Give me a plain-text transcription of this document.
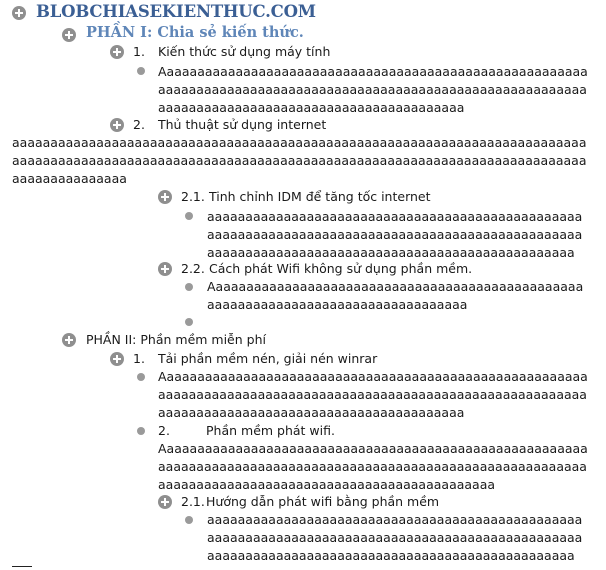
BLOBCHIASEKIENTHUC.COM
PHẦN I: Chia sẻ kiến thức.
1. Kiến thức sử dụng máy tính
Aaaaaaaaaaaaaaaaaaaaaaaaaaaaaaaaaaaaaaaaaaaaaaaaaaaaaaaaaaaaaaaaaaaaaaaaaaaaaaaaaaaaaaaaaaaaaaaaaaaaaaaaaaaaaaaaaaaaaaaaaaaaaaaaaaaaaaaaaaaaaaaaaaaaaaaa
2. Thủ thuật sử dụng internet
aaaaaaaaaaaaaaaaaaaaaaaaaaaaaaaaaaaaaaaaaaaaaaaaaaaaaaaaaaaaaaaaaaaaaaaaaaaaaaaaaaaaaaaaaaaaaaaaaaaaaaaaaaaaaaaaaaaaaaaaaaaaaaaaaaaaaaaaaaaaaaaaaaaaaaaaaaaaaaaaaaaaa
2.1. Tinh chỉnh IDM để tăng tốc internet
aaaaaaaaaaaaaaaaaaaaaaaaaaaaaaaaaaaaaaaaaaaaaaaaaaaaaaaaaaaaaaaaaaaaaaaaaaaaaaaaaaaaaaaaaaaaaaaaaaaaaaaaaaaaaaaaaaaaaaaaaaaaaaaaaaaaaaaaaaaaaaaaaa
2.2. Cách phát Wifi không sử dụng phần mềm.
Aaaaaaaaaaaaaaaaaaaaaaaaaaaaaaaaaaaaaaaaaaaaaaaaaaaaaaaaaaaaaaaaaaaaaaaaaaaaaaaaaaa
PHẦN II: Phần mềm miễn phí
1. Tải phần mềm nén, giải nén winrar
Aaaaaaaaaaaaaaaaaaaaaaaaaaaaaaaaaaaaaaaaaaaaaaaaaaaaaaaaaaaaaaaaaaaaaaaaaaaaaaaaaaaaaaaaaaaaaaaaaaaaaaaaaaaaaaaaaaaaaaaaaaaaaaaaaaaaaaaaaaaaaaaaaaaaaaaa
2.	Phần mềm phát wifi.
Aaaaaaaaaaaaaaaaaaaaaaaaaaaaaaaaaaaaaaaaaaaaaaaaaaaaaaaaaaaaaaaaaaaaaaaaaaaaaaaaaaaaaaaaaaaaaaaaaaaaaaaaaaaaaaaaaaaaaaaaaaaaaaaaaaaaaaaaaaaaaaaaaaaaaaaaaaaa
2.1. Hướng dẫn phát wifi bằng phần mềm
aaaaaaaaaaaaaaaaaaaaaaaaaaaaaaaaaaaaaaaaaaaaaaaaaaaaaaaaaaaaaaaaaaaaaaaaaaaaaaaaaaaaaaaaaaaaaaaaaaaaaaaaaaaaaaaaaaaaaaaaaaaaaaaaaaaaaaaaaaaaaaaaaa
